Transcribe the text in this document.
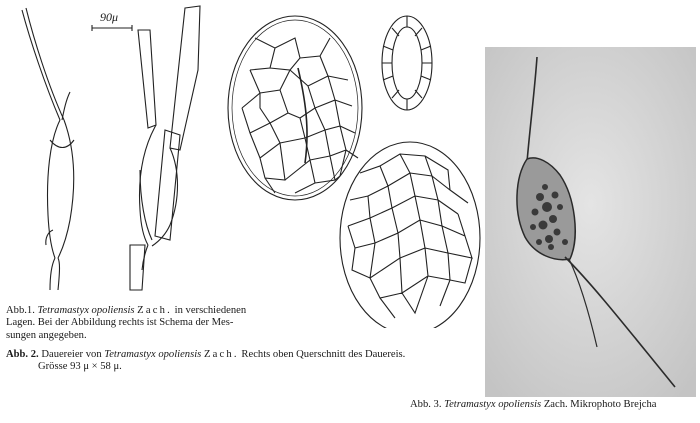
90μ
Abb.1. Tetramastyx opoliensis Zach. in verschiedenen
Lagen. Bei der Abbildung rechts ist Schema der Mes-
sungen angegeben.
Abb. 2. Dauereier von Tetramastyx opoliensis Zach. Rechts oben Querschnitt des Dauereis.
Grösse 93 μ × 58 μ.
Abb. 3. Tetramastyx opoliensis Zach. Mikrophoto Brejcha
